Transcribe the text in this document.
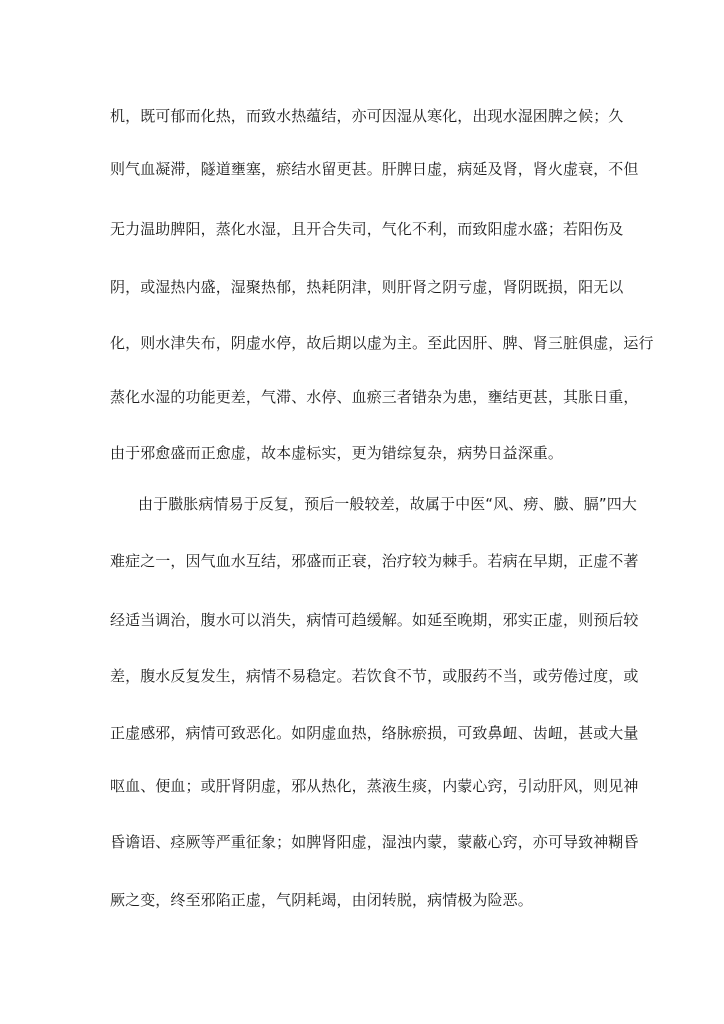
机，既可郁而化热，而致水热蕴结，亦可因湿从寒化，出现水湿困脾之候；久
则气血凝滞，隧道壅塞，瘀结水留更甚。肝脾日虚，病延及肾，肾火虚衰，不但
无力温助脾阳，蒸化水湿，且开合失司，气化不利，而致阳虚水盛；若阳伤及
阴，或湿热内盛，湿聚热郁，热耗阴津，则肝肾之阴亏虚，肾阴既损，阳无以
化，则水津失布，阴虚水停，故后期以虚为主。至此因肝、脾、肾三脏俱虚，运行
蒸化水湿的功能更差，气滞、水停、血瘀三者错杂为患，壅结更甚，其胀日重，
由于邪愈盛而正愈虚，故本虚标实，更为错综复杂，病势日益深重。
由于臌胀病情易于反复，预后一般较差，故属于中医“风、痨、臌、膈”四大
难症之一，因气血水互结，邪盛而正衰，治疗较为棘手。若病在早期，正虚不著
经适当调治，腹水可以消失，病情可趋缓解。如延至晚期，邪实正虚，则预后较
差，腹水反复发生，病情不易稳定。若饮食不节，或服药不当，或劳倦过度，或
正虚感邪，病情可致恶化。如阴虚血热，络脉瘀损，可致鼻衄、齿衄，甚或大量
呕血、便血；或肝肾阴虚，邪从热化，蒸液生痰，内蒙心窍，引动肝风，则见神
昏谵语、痉厥等严重征象；如脾肾阳虚，湿浊内蒙，蒙蔽心窍，亦可导致神糊昏
厥之变，终至邪陷正虚，气阴耗竭，由闭转脱，病情极为险恶。
